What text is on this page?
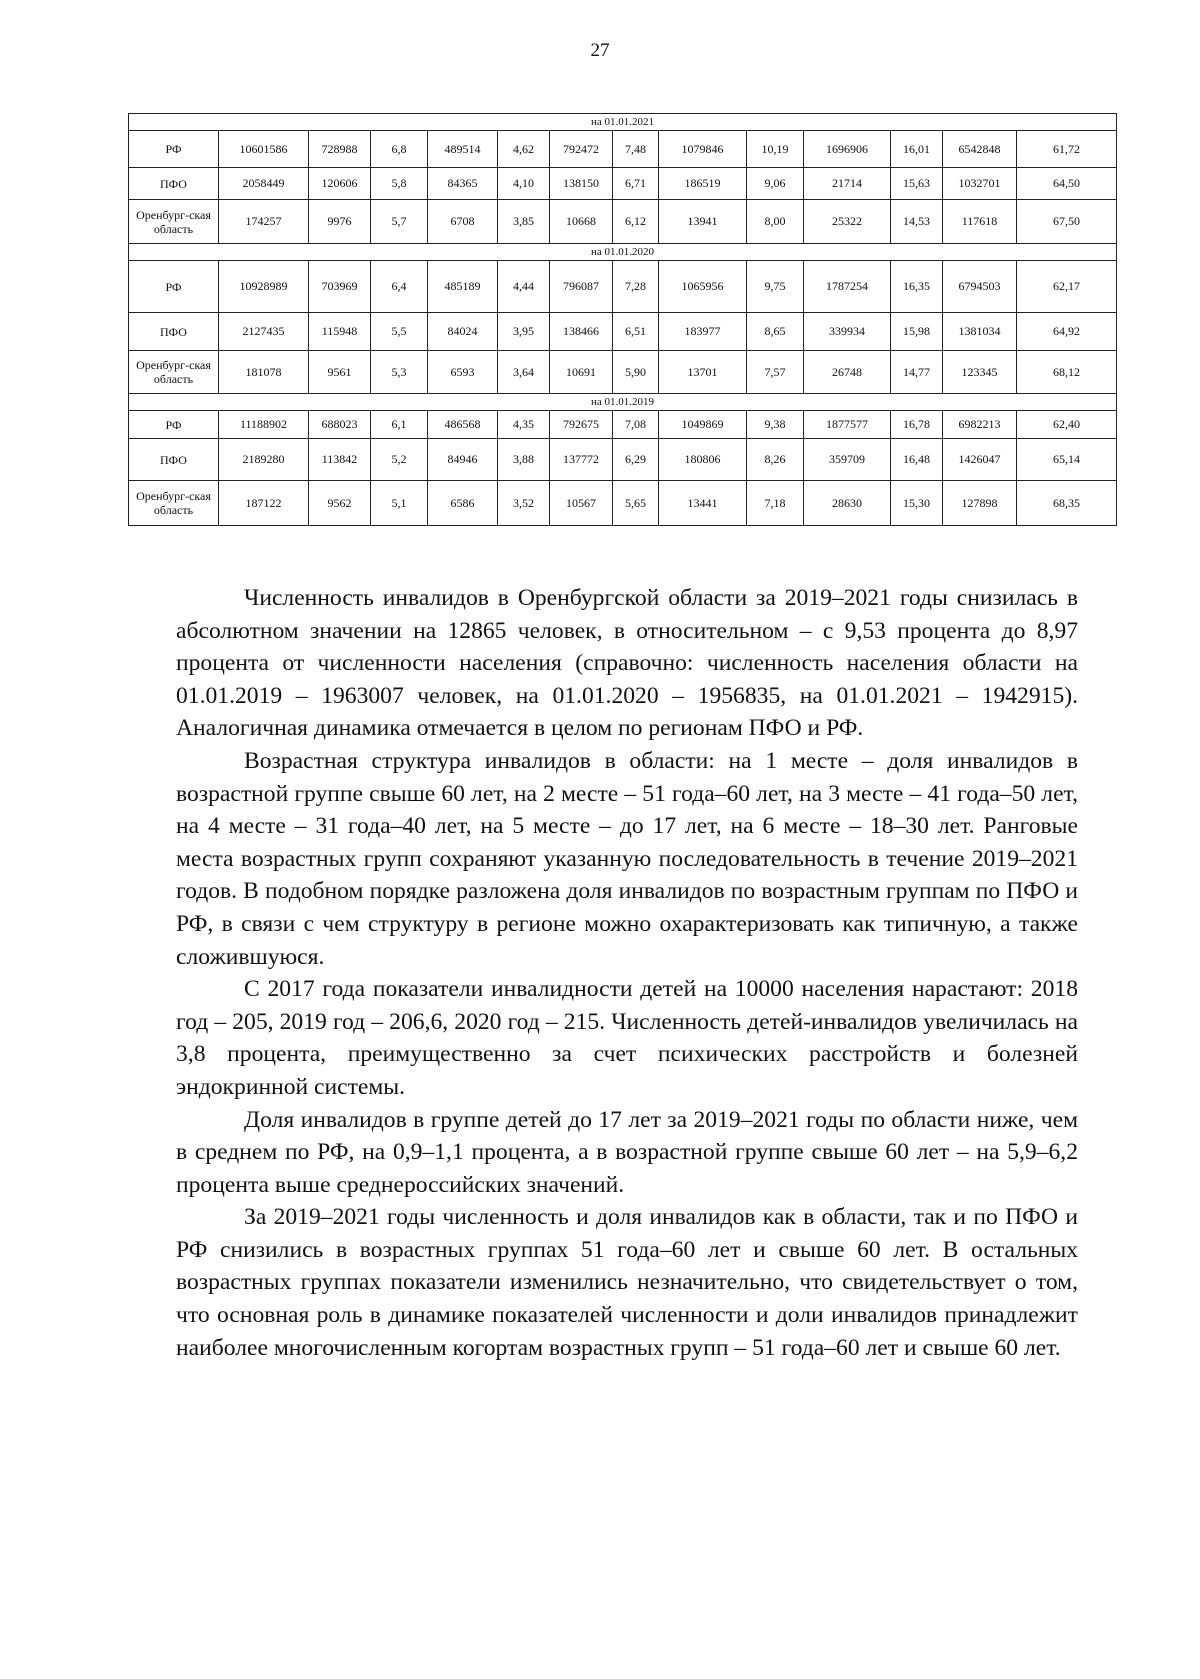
27
на 01.01.2021														
РФ	10601586	728988	6,8	489514	4,62	792472	7,48	1079846	10,19	1696906	16,01	6542848	61,72	
ПФО	2058449	120606	5,8	84365	4,10	138150	6,71	186519	9,06	21714	15,63	1032701	64,50	
Оренбург-ская область	174257	9976	5,7	6708	3,85	10668	6,12	13941	8,00	25322	14,53	117618	67,50	
на 01.01.2020														
РФ	10928989	703969	6,4	485189	4,44	796087	7,28	1065956	9,75	1787254	16,35	6794503	62,17	
ПФО	2127435	115948	5,5	84024	3,95	138466	6,51	183977	8,65	339934	15,98	1381034	64,92	
Оренбург-ская область	181078	9561	5,3	6593	3,64	10691	5,90	13701	7,57	26748	14,77	123345	68,12	
на 01.01.2019														
РФ	11188902	688023	6,1	486568	4,35	792675	7,08	1049869	9,38	1877577	16,78	6982213	62,40	
ПФО	2189280	113842	5,2	84946	3,88	137772	6,29	180806	8,26	359709	16,48	1426047	65,14	
Оренбург-ская область	187122	9562	5,1	6586	3,52	10567	5,65	13441	7,18	28630	15,30	127898	68,35	

Численность инвалидов в Оренбургской области за 2019–2021 годы снизилась в абсолютном значении на 12865 человек, в относительном – с 9,53 процента до 8,97 процента от численности населения (справочно: численность населения области на 01.01.2019 – 1963007 человек, на 01.01.2020 – 1956835, на 01.01.2021 – 1942915). Аналогичная динамика отмечается в целом по регионам ПФО и РФ.

Возрастная структура инвалидов в области: на 1 месте – доля инвалидов в возрастной группе свыше 60 лет, на 2 месте – 51 года–60 лет, на 3 месте – 41 года–50 лет, на 4 месте – 31 года–40 лет, на 5 месте – до 17 лет, на 6 месте – 18–30 лет. Ранговые места возрастных групп сохраняют указанную последовательность в течение 2019–2021 годов. В подобном порядке разложена доля инвалидов по возрастным группам по ПФО и РФ, в связи с чем структуру в регионе можно охарактеризовать как типичную, а также сложившуюся.

С 2017 года показатели инвалидности детей на 10000 населения нарастают: 2018 год – 205, 2019 год – 206,6, 2020 год – 215. Численность детей-инвалидов увеличилась на 3,8 процента, преимущественно за счет психических расстройств и болезней эндокринной системы.

Доля инвалидов в группе детей до 17 лет за 2019–2021 годы по области ниже, чем в среднем по РФ, на 0,9–1,1 процента, а в возрастной группе свыше 60 лет – на 5,9–6,2 процента выше среднероссийских значений.

За 2019–2021 годы численность и доля инвалидов как в области, так и по ПФО и РФ снизились в возрастных группах 51 года–60 лет и свыше 60 лет. В остальных возрастных группах показатели изменились незначительно, что свидетельствует о том, что основная роль в динамике показателей численности и доли инвалидов принадлежит наиболее многочисленным когортам возрастных групп – 51 года–60 лет и свыше 60 лет.
